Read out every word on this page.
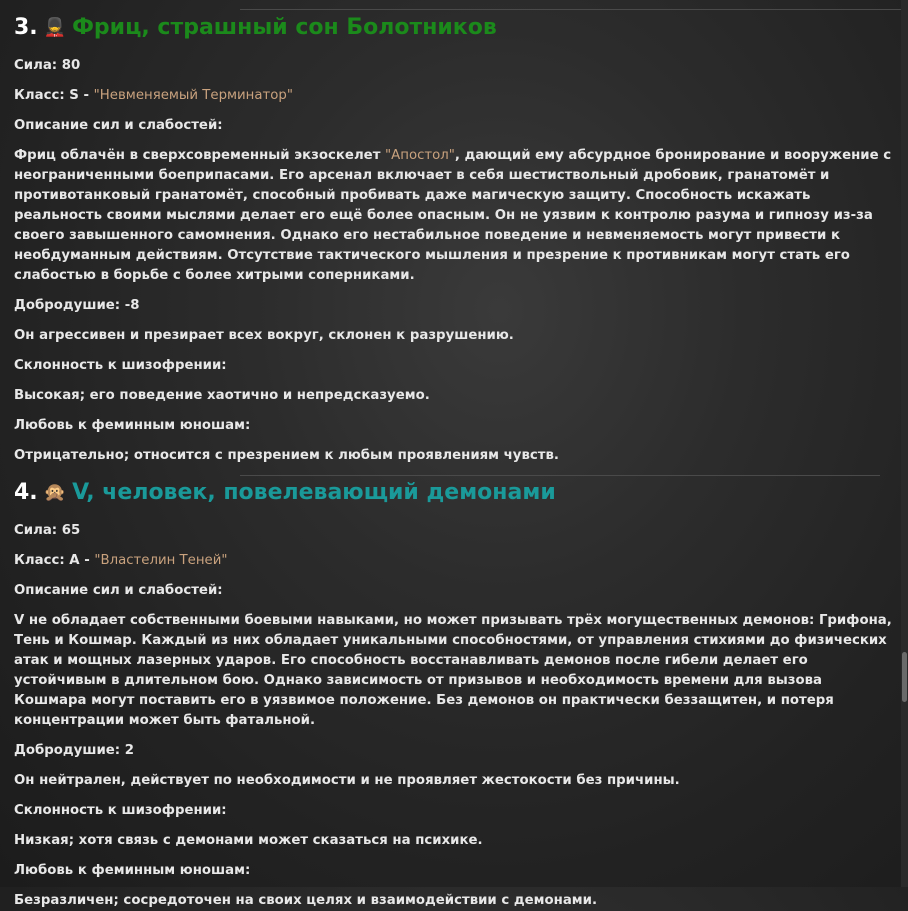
3. 💂 Фриц, страшный сон Болотников

Сила: 80

Класс: S - "Невменяемый Терминатор"

Описание сил и слабостей:

Фриц облачён в сверхсовременный экзоскелет "Апостол", дающий ему абсурдное бронирование и вооружение с неограниченными боеприпасами. Его арсенал включает в себя шестиствольный дробовик, гранатомёт и противотанковый гранатомёт, способный пробивать даже магическую защиту. Способность искажать реальность своими мыслями делает его ещё более опасным. Он не уязвим к контролю разума и гипнозу из-за своего завышенного самомнения. Однако его нестабильное поведение и невменяемость могут привести к необдуманным действиям. Отсутствие тактического мышления и презрение к противникам могут стать его слабостью в борьбе с более хитрыми соперниками.

Добродушие: -8

Он агрессивен и презирает всех вокруг, склонен к разрушению.

Склонность к шизофрении:

Высокая; его поведение хаотично и непредсказуемо.

Любовь к феминным юношам:

Отрицательно; относится с презрением к любым проявлениям чувств.

4. 🙊 V, человек, повелевающий демонами

Сила: 65

Класс: A - "Властелин Теней"

Описание сил и слабостей:

V не обладает собственными боевыми навыками, но может призывать трёх могущественных демонов: Грифона, Тень и Кошмар. Каждый из них обладает уникальными способностями, от управления стихиями до физических атак и мощных лазерных ударов. Его способность восстанавливать демонов после гибели делает его устойчивым в длительном бою. Однако зависимость от призывов и необходимость времени для вызова Кошмара могут поставить его в уязвимое положение. Без демонов он практически беззащитен, и потеря концентрации может быть фатальной.

Добродушие: 2

Он нейтрален, действует по необходимости и не проявляет жестокости без причины.

Склонность к шизофрении:

Низкая; хотя связь с демонами может сказаться на психике.

Любовь к феминным юношам:

Безразличен; сосредоточен на своих целях и взаимодействии с демонами.
